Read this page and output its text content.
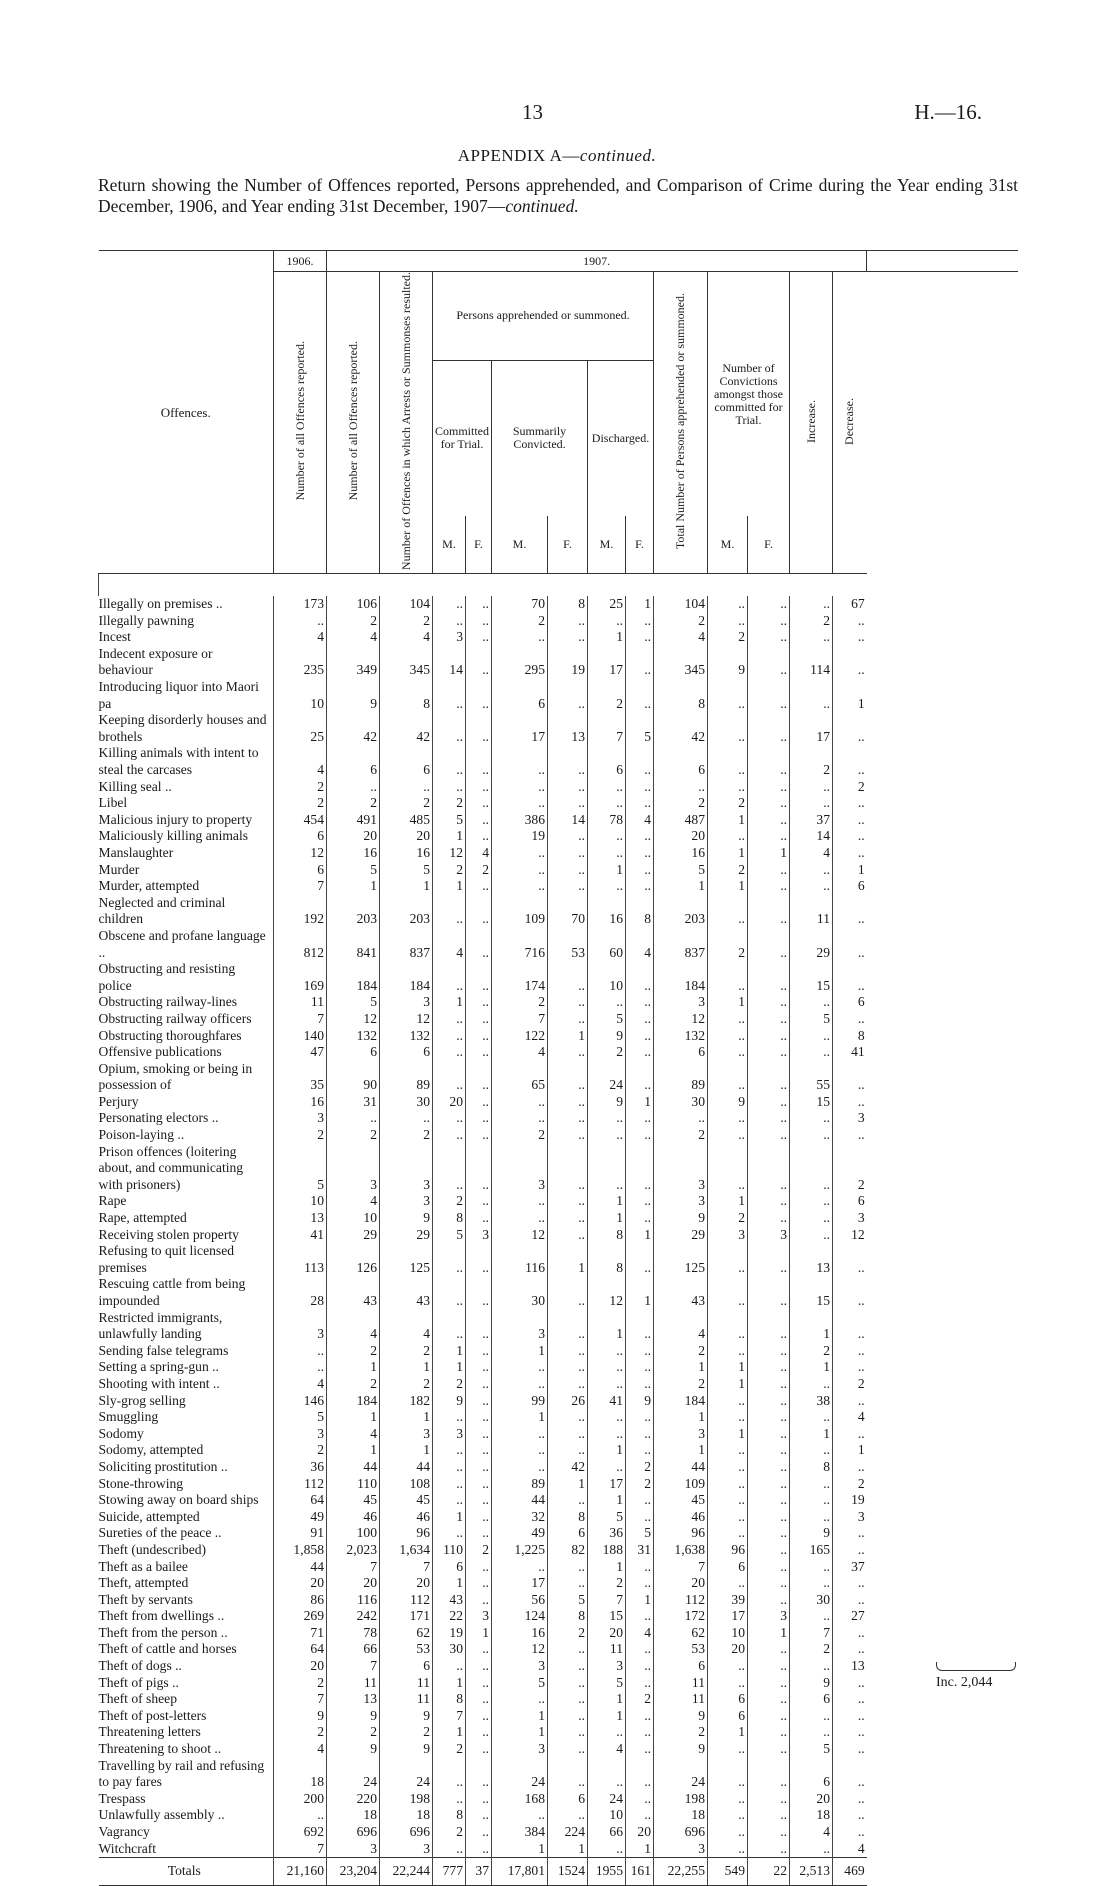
13	H.—16.
APPENDIX A—continued.
Return showing the Number of Offences reported, Persons apprehended, and Comparison of Crime during the Year ending 31st December, 1906, and Year ending 31st December, 1907—continued.
Offences.	1906.	1907.													
	Number of all Offences reported.	Number of all Offences reported.	Number of Offences in which Arrests or Summonses resulted.	Persons apprehended or summoned.						Total Number of Persons apprehended or summoned.	Number of Convictions amongst those committed for Trial.		Increase.	Decrease.	
				Committed for Trial.		Summarily Convicted.		Discharged.							
				M.	F.	M.	F.	M.	F.		M.	F.			

Illegally on premises ..	173	106	104	..	..	70	8	25	1	104	..	..	..	67	
Illegally pawning	..	2	2	..	..	2	..	..	..	2	..	..	2	..	
Incest	4	4	4	3	..	..	..	1	..	4	2	..	..	..	
Indecent exposure or behaviour	235	349	345	14	..	295	19	17	..	345	9	..	114	..	
Introducing liquor into Maori pa	10	9	8	..	..	6	..	2	..	8	..	..	..	1	
Keeping disorderly houses and brothels	25	42	42	..	..	17	13	7	5	42	..	..	17	..	
Killing animals with intent to steal the carcases	4	6	6	..	..	..	..	6	..	6	..	..	2	..	
Killing seal ..	2	..	..	..	..	..	..	..	..	..	..	..	..	2	
Libel	2	2	2	2	..	..	..	..	..	2	2	..	..	..	
Malicious injury to property	454	491	485	5	..	386	14	78	4	487	1	..	37	..	
Maliciously killing animals	6	20	20	1	..	19	..	..	..	20	..	..	14	..	
Manslaughter	12	16	16	12	4	..	..	..	..	16	1	1	4	..	
Murder	6	5	5	2	2	..	..	1	..	5	2	..	..	1	
Murder, attempted	7	1	1	1	..	..	..	..	..	1	1	..	..	6	
Neglected and criminal children	192	203	203	..	..	109	70	16	8	203	..	..	11	..	
Obscene and profane language ..	812	841	837	4	..	716	53	60	4	837	2	..	29	..	
Obstructing and resisting police	169	184	184	..	..	174	..	10	..	184	..	..	15	..	
Obstructing railway-lines	11	5	3	1	..	2	..	..	..	3	1	..	..	6	
Obstructing railway officers	7	12	12	..	..	7	..	5	..	12	..	..	5	..	
Obstructing thoroughfares	140	132	132	..	..	122	1	9	..	132	..	..	..	8	
Offensive publications	47	6	6	..	..	4	..	2	..	6	..	..	..	41	
Opium, smoking or being in possession of	35	90	89	..	..	65	..	24	..	89	..	..	55	..	
Perjury	16	31	30	20	..	..	..	9	1	30	9	..	15	..	
Personating electors ..	3	..	..	..	..	..	..	..	..	..	..	..	..	3	
Poison-laying ..	2	2	2	..	..	2	..	..	..	2	..	..	..	..	
Prison offences (loitering about, and communicating with prisoners)	5	3	3	..	..	3	..	..	..	3	..	..	..	2	
Rape	10	4	3	2	..	..	..	1	..	3	1	..	..	6	
Rape, attempted	13	10	9	8	..	..	..	1	..	9	2	..	..	3	
Receiving stolen property	41	29	29	5	3	12	..	8	1	29	3	3	..	12	
Refusing to quit licensed premises	113	126	125	..	..	116	1	8	..	125	..	..	13	..	
Rescuing cattle from being impounded	28	43	43	..	..	30	..	12	1	43	..	..	15	..	
Restricted immigrants, unlawfully landing	3	4	4	..	..	3	..	1	..	4	..	..	1	..	
Sending false telegrams	..	2	2	1	..	1	..	..	..	2	..	..	2	..	
Setting a spring-gun ..	..	1	1	1	..	..	..	..	..	1	1	..	1	..	
Shooting with intent ..	4	2	2	2	..	..	..	..	..	2	1	..	..	2	
Sly-grog selling	146	184	182	9	..	99	26	41	9	184	..	..	38	..	
Smuggling	5	1	1	..	..	1	..	..	..	1	..	..	..	4	
Sodomy	3	4	3	3	..	..	..	..	..	3	1	..	1	..	
Sodomy, attempted	2	1	1	..	..	..	..	1	..	1	..	..	..	1	
Soliciting prostitution ..	36	44	44	..	..	..	42	..	2	44	..	..	8	..	
Stone-throwing	112	110	108	..	..	89	1	17	2	109	..	..	..	2	
Stowing away on board ships	64	45	45	..	..	44	..	1	..	45	..	..	..	19	
Suicide, attempted	49	46	46	1	..	32	8	5	..	46	..	..	..	3	
Sureties of the peace ..	91	100	96	..	..	49	6	36	5	96	..	..	9	..	
Theft (undescribed)	1,858	2,023	1,634	110	2	1,225	82	188	31	1,638	96	..	165	..	
Theft as a bailee	44	7	7	6	..	..	..	1	..	7	6	..	..	37	
Theft, attempted	20	20	20	1	..	17	..	2	..	20	..	..	..	..	
Theft by servants	86	116	112	43	..	56	5	7	1	112	39	..	30	..	
Theft from dwellings ..	269	242	171	22	3	124	8	15	..	172	17	3	..	27	
Theft from the person ..	71	78	62	19	1	16	2	20	4	62	10	1	7	..	
Theft of cattle and horses	64	66	53	30	..	12	..	11	..	53	20	..	2	..	
Theft of dogs ..	20	7	6	..	..	3	..	3	..	6	..	..	..	13	
Theft of pigs ..	2	11	11	1	..	5	..	5	..	11	..	..	9	..	
Theft of sheep	7	13	11	8	..	..	..	1	2	11	6	..	6	..	
Theft of post-letters	9	9	9	7	..	1	..	1	..	9	6	..	..	..	
Threatening letters	2	2	2	1	..	1	..	..	..	2	1	..	..	..	
Threatening to shoot ..	4	9	9	2	..	3	..	4	..	9	..	..	5	..	
Travelling by rail and refusing to pay fares	18	24	24	..	..	24	..	..	..	24	..	..	6	..	
Trespass	200	220	198	..	..	168	6	24	..	198	..	..	20	..	
Unlawfully assembly ..	..	18	18	8	..	..	..	10	..	18	..	..	18	..	
Vagrancy	692	696	696	2	..	384	224	66	20	696	..	..	4	..	
Witchcraft	7	3	3	..	..	1	1	..	1	3	..	..	..	4	
Totals	21,160	23,204	22,244	777	37	17,801	1524	1955	161	22,255	549	22	2,513	469	
Inc. 2,044
